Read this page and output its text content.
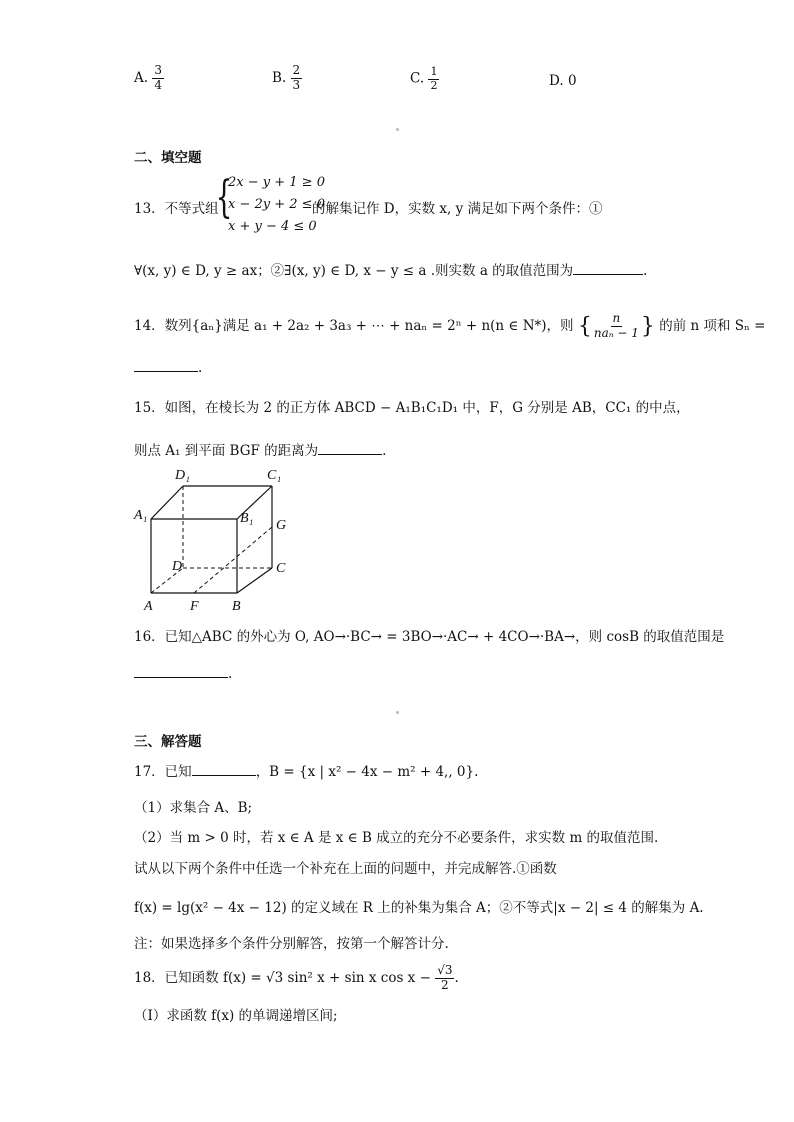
A. $\frac{3}{4}$	B. $\frac{2}{3}$	C. $\frac{1}{2}$	D. 0
二、填空题
13．不等式组
{
2x − y + 1 ≥ 0
x − 2y + 2 ≤ 0
x + y − 4 ≤ 0
的解集记作 D，实数 x, y 满足如下两个条件：①
∀(x, y) ∈ D, y ≥ ax；②∃(x, y) ∈ D, x − y ≤ a .则实数 a 的取值范围为	.
14．数列{aₙ}满足 a₁ + 2a₂ + 3a₃ + ⋯ + naₙ = 2ⁿ + n(n ∈ N*)，则 { $\frac{n}{\text{naₙ − 1}}$ } 的前 n 项和 Sₙ =
.
15．如图，在棱长为 2 的正方体 ABCD − A₁B₁C₁D₁ 中，F，G 分别是 AB，CC₁ 的中点，
则点 A₁ 到平面 BGF 的距离为	.
D₁	C₁
A₁	B₁ G
D	C
A	F B
16．已知△ABC 的外心为 O, AO→·BC→ = 3BO→·AC→ + 4CO→·BA→，则 cosB 的取值范围是
.
三、解答题
17．已知	，B = {x | x² − 4x − m² + 4,, 0}.
（1）求集合 A、B;
（2）当 m > 0 时，若 x ∈ A 是 x ∈ B 成立的充分不必要条件，求实数 m 的取值范围.
试从以下两个条件中任选一个补充在上面的问题中，并完成解答.①函数
f(x) = lg(x² − 4x − 12) 的定义域在 R 上的补集为集合 A；②不等式|x − 2| ≤ 4 的解集为 A.
注：如果选择多个条件分别解答，按第一个解答计分.
18．已知函数 f(x) = √3 sin² x + sin x $\cos x - \frac{√3}{2}$ .
（Ⅰ）求函数 f(x) 的单调递增区间;
